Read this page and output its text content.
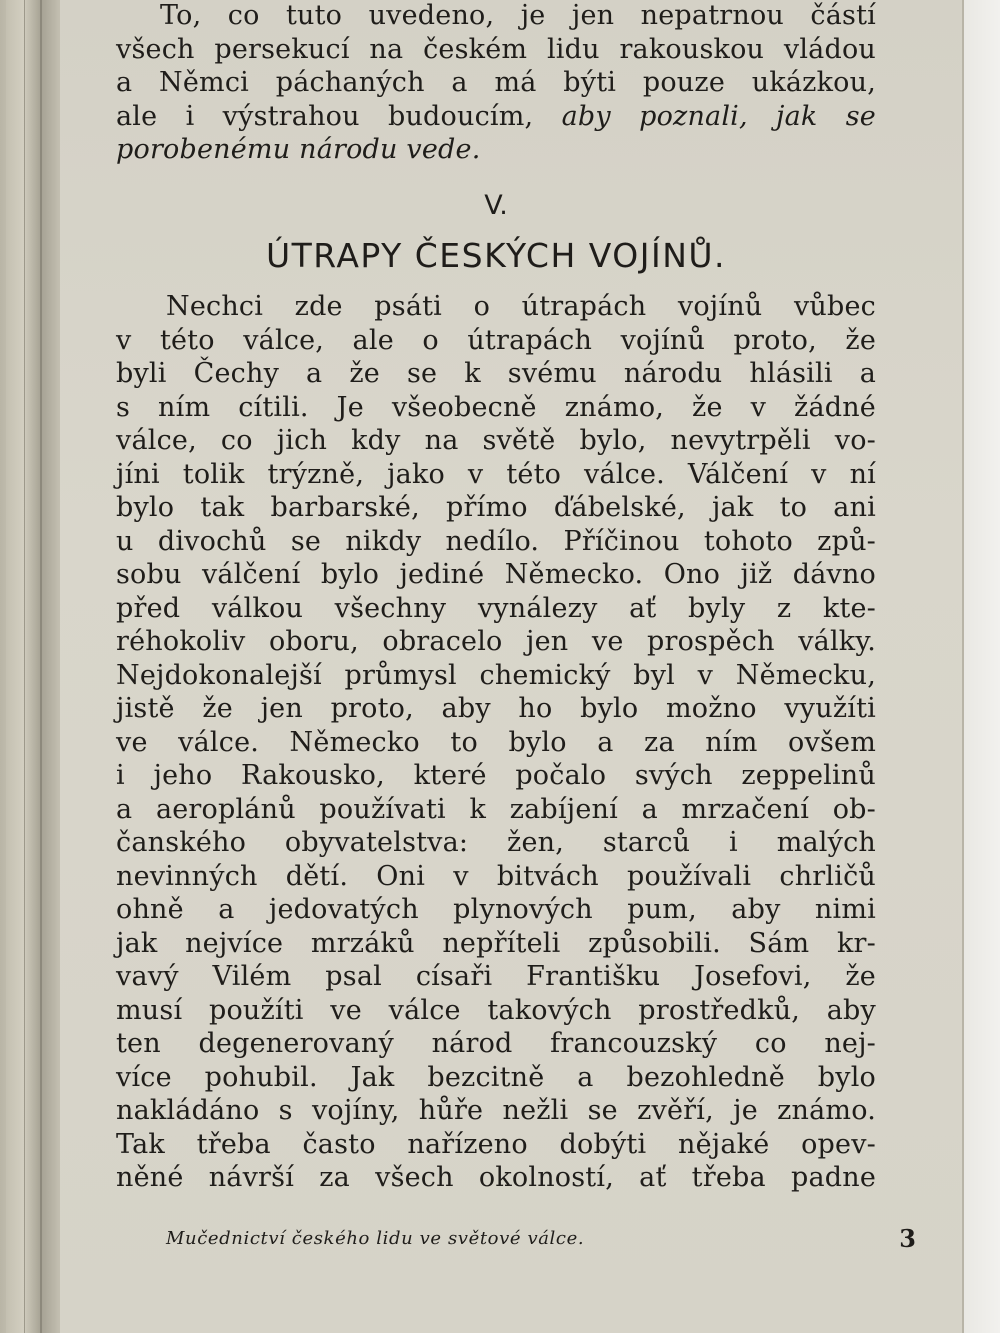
To, co tuto uvedeno, je jen nepatrnou částí
všech persekucí na českém lidu rakouskou vládou
a Němci páchaných a má býti pouze ukázkou,
ale i výstrahou budoucím, aby poznali, jak se
porobenému národu vede.
V.
ÚTRAPY ČESKÝCH VOJÍNŮ.
Nechci zde psáti o útrapách vojínů vůbec
v této válce, ale o útrapách vojínů proto, že
byli Čechy a že se k svému národu hlásili a
s ním cítili. Je všeobecně známo, že v žádné
válce, co jich kdy na světě bylo, nevytrpěli vo-
jíni tolik trýzně, jako v této válce. Válčení v ní
bylo tak barbarské, přímo ďábelské, jak to ani
u divochů se nikdy nedílo. Příčinou tohoto způ-
sobu válčení bylo jediné Německo. Ono již dávno
před válkou všechny vynálezy ať byly z kte-
réhokoliv oboru, obracelo jen ve prospěch války.
Nejdokonalejší průmysl chemický byl v Německu,
jistě že jen proto, aby ho bylo možno využíti
ve válce. Německo to bylo a za ním ovšem
i jeho Rakousko, které počalo svých zeppelinů
a aeroplánů používati k zabíjení a mrzačení ob-
čanského obyvatelstva: žen, starců i malých
nevinných dětí. Oni v bitvách používali chrličů
ohně a jedovatých plynových pum, aby nimi
jak nejvíce mrzáků nepříteli způsobili. Sám kr-
vavý Vilém psal císaři Františku Josefovi, že
musí použíti ve válce takových prostředků, aby
ten degenerovaný národ francouzský co nej-
více pohubil. Jak bezcitně a bezohledně bylo
nakládáno s vojíny, hůře nežli se zvěří, je známo.
Tak třeba často nařízeno dobýti nějaké opev-
něné návrší za všech okolností, ať třeba padne
Mučednictví českého lidu ve světové válce.	3
